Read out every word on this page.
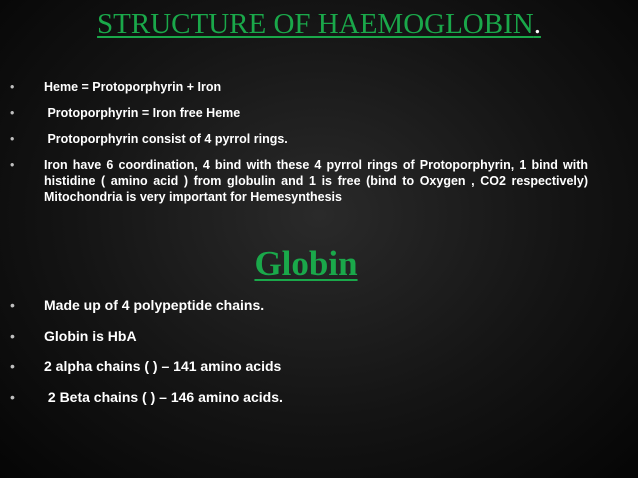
STRUCTURE OF HAEMOGLOBIN.
• Heme = Protoporphyrin + Iron
• Protoporphyrin = Iron free Heme
• Protoporphyrin consist of 4 pyrrol rings.
• Iron have 6 coordination, 4 bind with these 4 pyrrol rings of Protoporphyrin, 1 bind with histidine ( amino acid ) from globulin and 1 is free (bind to Oxygen , CO2 respectively) Mitochondria is very important for Hemesynthesis
Globin
• Made up of 4 polypeptide chains.
• Globin is HbA
• 2 alpha chains ( ) – 141 amino acids
• 2 Beta chains ( ) – 146 amino acids.
